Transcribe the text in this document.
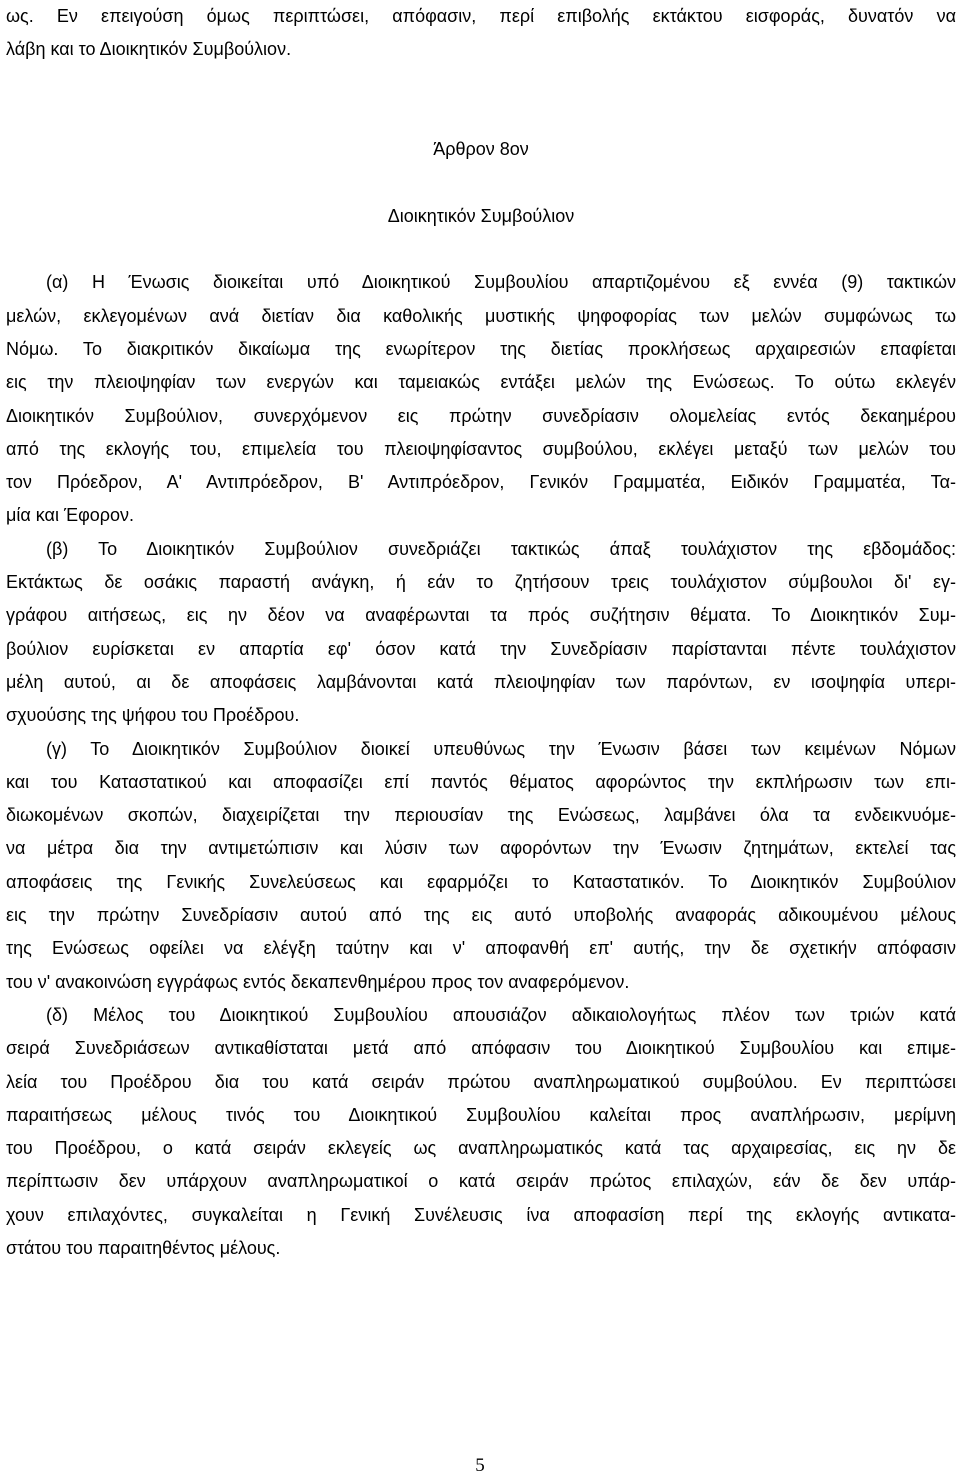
ως. Εν επειγούση όμως περιπτώσει, απόφασιν, περί επιβολής εκτάκτου εισφοράς, δυνατόν να
λάβη και το Διοικητικόν Συμβούλιον.
Άρθρον 8ον
Διοικητικόν Συμβούλιον
(α) Η Ένωσις διοικείται υπό Διοικητικού Συμβουλίου απαρτιζομένου εξ εννέα (9) τακτικών
μελών, εκλεγομένων ανά διετίαν δια καθολικής μυστικής ψηφοφορίας των μελών συμφώνως τω
Νόμω. Το διακριτικόν δικαίωμα της ενωρίτερον της διετίας προκλήσεως αρχαιρεσιών επαφίεται
εις την πλειοψηφίαν των ενεργών και ταμειακώς εντάξει μελών της Ενώσεως. Το ούτω εκλεγέν
Διοικητικόν Συμβούλιον, συνερχόμενον εις πρώτην συνεδρίασιν ολομελείας εντός δεκαημέρου
από της εκλογής του, επιμελεία του πλειοψηφίσαντος συμβούλου, εκλέγει μεταξύ των μελών του
τον Πρόεδρον, Α' Αντιπρόεδρον, Β' Αντιπρόεδρον, Γενικόν Γραμματέα, Ειδικόν Γραμματέα, Τα-
μία και Έφορον.
(β) Το Διοικητικόν Συμβούλιον συνεδριάζει τακτικώς άπαξ τουλάχιστον της εβδομάδος:
Εκτάκτως δε οσάκις παραστή ανάγκη, ή εάν το ζητήσουν τρεις τουλάχιστον σύμβουλοι δι' εγ-
γράφου αιτήσεως, εις ην δέον να αναφέρωνται τα πρός συζήτησιν θέματα. Το Διοικητικόν Συμ-
βούλιον ευρίσκεται εν απαρτία εφ' όσον κατά την Συνεδρίασιν παρίστανται πέντε τουλάχιστον
μέλη αυτού, αι δε αποφάσεις λαμβάνονται κατά πλειοψηφίαν των παρόντων, εν ισοψηφία υπερι-
σχυούσης της ψήφου του Προέδρου.
(γ) Το Διοικητικόν Συμβούλιον διοικεί υπευθύνως την Ένωσιν βάσει των κειμένων Νόμων
και του Καταστατικού και αποφασίζει επί παντός θέματος αφορώντος την εκπλήρωσιν των επι-
διωκομένων σκοπών, διαχειρίζεται την περιουσίαν της Ενώσεως, λαμβάνει όλα τα ενδεικνυόμε-
να μέτρα δια την αντιμετώπισιν και λύσιν των αφορόντων την Ένωσιν ζητημάτων, εκτελεί τας
αποφάσεις της Γενικής Συνελεύσεως και εφαρμόζει το Καταστατικόν. Το Διοικητικόν Συμβούλιον
εις την πρώτην Συνεδρίασιν αυτού από της εις αυτό υποβολής αναφοράς αδικουμένου μέλους
της Ενώσεως οφείλει να ελέγξη ταύτην και ν' αποφανθή επ' αυτής, την δε σχετικήν απόφασιν
του ν' ανακοινώση εγγράφως εντός δεκαπενθημέρου προς τον αναφερόμενον.
(δ) Μέλος του Διοικητικού Συμβουλίου απουσιάζον αδικαιολογήτως πλέον των τριών κατά
σειρά Συνεδριάσεων αντικαθίσταται μετά από απόφασιν του Διοικητικού Συμβουλίου και επιμε-
λεία του Προέδρου δια του κατά σειράν πρώτου αναπληρωματικού συμβούλου. Εν περιπτώσει
παραιτήσεως μέλους τινός του Διοικητικού Συμβουλίου καλείται προς αναπλήρωσιν, μερίμνη
του Προέδρου, ο κατά σειράν εκλεγείς ως αναπληρωματικός κατά τας αρχαιρεσίας, εις ην δε
περίπτωσιν δεν υπάρχουν αναπληρωματικοί ο κατά σειράν πρώτος επιλαχών, εάν δε δεν υπάρ-
χουν επιλαχόντες, συγκαλείται η Γενική Συνέλευσις ίνα αποφασίση περί της εκλογής αντικατα-
στάτου του παραιτηθέντος μέλους.
5
